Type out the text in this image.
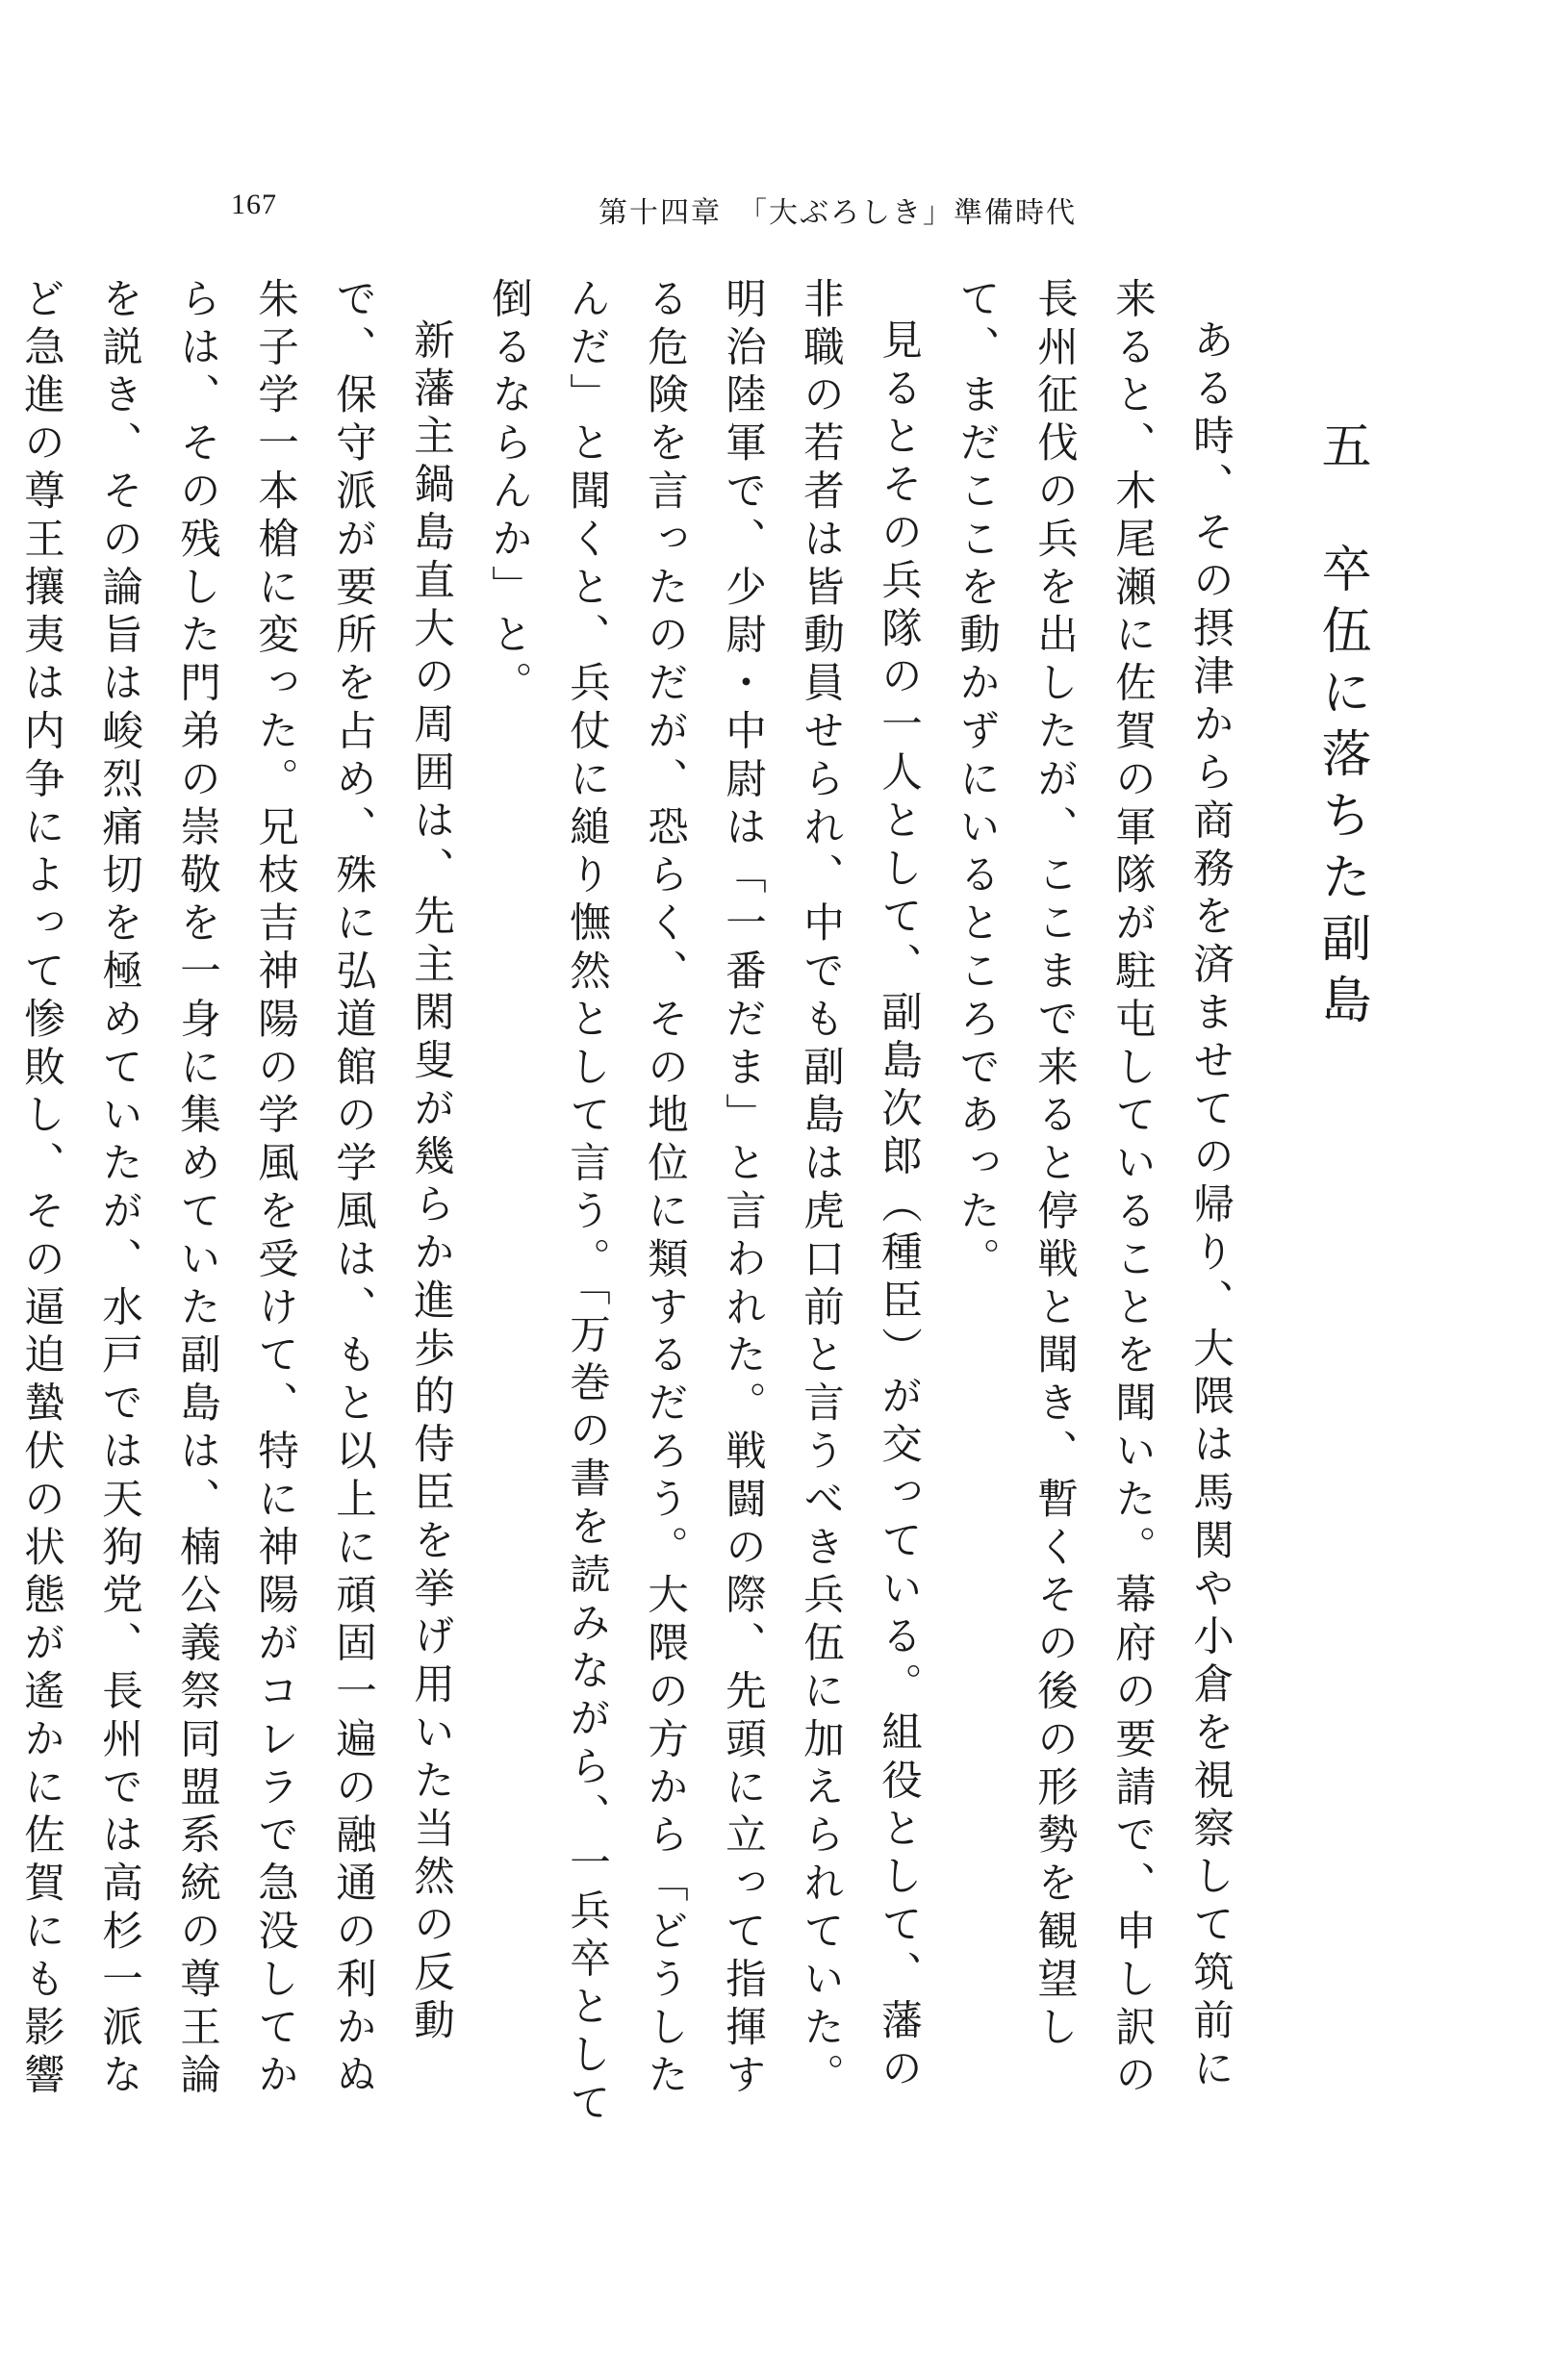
167	第十四章　「大ぶろしき」準備時代
五　卒伍に落ちた副島

ある時、その摂津から商務を済ませての帰り、大隈は馬関や小倉を視察して筑前に来ると、木尾瀬に佐賀の軍隊が駐屯していることを聞いた。幕府の要請で、申し訳の長州征伐の兵を出したが、ここまで来ると停戦と聞き、暫くその後の形勢を観望して、まだここを動かずにいるところであった。

見るとその兵隊の一人として、副島次郎（種臣）が交っている。組役として、藩の非職の若者は皆動員せられ、中でも副島は虎口前と言うべき兵伍に加えられていた。明治陸軍で、少尉・中尉は「一番だま」と言われた。戦闘の際、先頭に立って指揮する危険を言ったのだが、恐らく、その地位に類するだろう。大隈の方から「どうしたんだ」と聞くと、兵仗に縋り憮然として言う。「万巻の書を読みながら、一兵卒として倒るならんか」と。

新藩主鍋島直大の周囲は、先主閑叟が幾らか進歩的侍臣を挙げ用いた当然の反動で、保守派が要所を占め、殊に弘道館の学風は、もと以上に頑固一遍の融通の利かぬ朱子学一本槍に変った。兄枝吉神陽の学風を受けて、特に神陽がコレラで急没してからは、その残した門弟の崇敬を一身に集めていた副島は、楠公義祭同盟系統の尊王論を説き、その論旨は峻烈痛切を極めていたが、水戸では天狗党、長州では高杉一派など急進の尊王攘夷は内争によって惨敗し、その逼迫蟄伏の状態が遙かに佐賀にも影響
